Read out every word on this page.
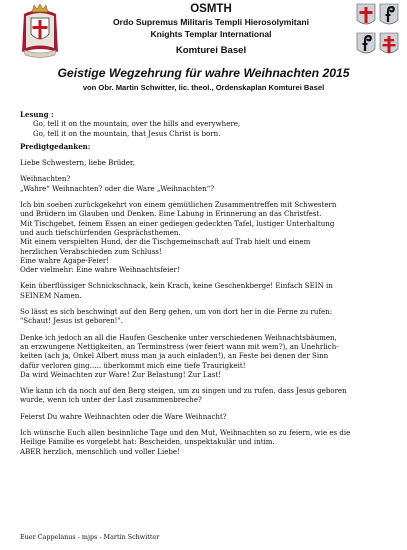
OSMTH
Ordo Supremus Militaris Templi Hierosolymitani
Knights Templar International
Komturei Basel
Geistige Wegzehrung für wahre Weihnachten 2015
von Obr. Martin Schwitter, lic. theol., Ordenskaplan Komturei Basel

Lesung :

Go, tell it on the mountain, over the hills and everywhere,

Go, tell it on the mountain, that Jesus Christ is born.

Predigtgedanken:

Liebe Schwestern, liebe Brüder,

Weihnachten?

„Wahre“ Weihnachten? oder die Ware „Weihnachten“?

Ich bin soeben zurückgekehrt von einem gemütlichen Zusammentreffen mit Schwestern

und Brüdern im Glauben und Denken. Eine Labung in Erinnerung an das Christfest.

Mit Tischgebet, feinem Essen an einer gediegen gedeckten Tafel, lustiger Unterhaltung

und auch tiefschürfenden Gesprächsthemen.

Mit einem verspielten Hund, der die Tischgemeinschaft auf Trab hielt und einem

herzlichen Verabschieden zum Schluss!

Eine wahre Agape-Feier!

Oder vielmehr: Eine wahre Weihnachtsfeier!

Kein überflüssiger Schnickschnack, kein Krach, keine Geschenkberge! Einfach SEIN in

SEINEM Namen.

So lässt es sich beschwingt auf den Berg gehen, um von dort her in die Ferne zu rufen:

"Schaut! Jesus ist geboren!".

Denke ich jedoch an all die Haufen Geschenke unter verschiedenen Weihnachtsbäumen,

an erzwungene Nettigkeiten, an Terminstress (wer feiert wann mit wem?), an Unehrlich-

keiten (ach ja, Onkel Albert muss man ja auch einladen!), an Feste bei denen der Sinn

dafür verloren ging….. überkommt mich eine tiefe Traurigkeit!

Da wird Weinachten zur Ware! Zur Belastung! Zur Last!

Wie kann ich da noch auf den Berg steigen, um zu singen und zu rufen, dass Jesus geboren

wurde, wenn ich unter der Last zusammenbreche?

Feierst Du wahre Weihnachten oder die Ware Weihnacht?

Ich wünsche Euch allen besinnliche Tage und den Mut, Weihnachten so zu feiern, wie es die

Heilige Familie es vorgelebt hat: Bescheiden, unspektakulär und intim.

ABER herzlich, menschlich und voller Liebe!

Euer Cappelanus - mjps - Martin Schwitter
